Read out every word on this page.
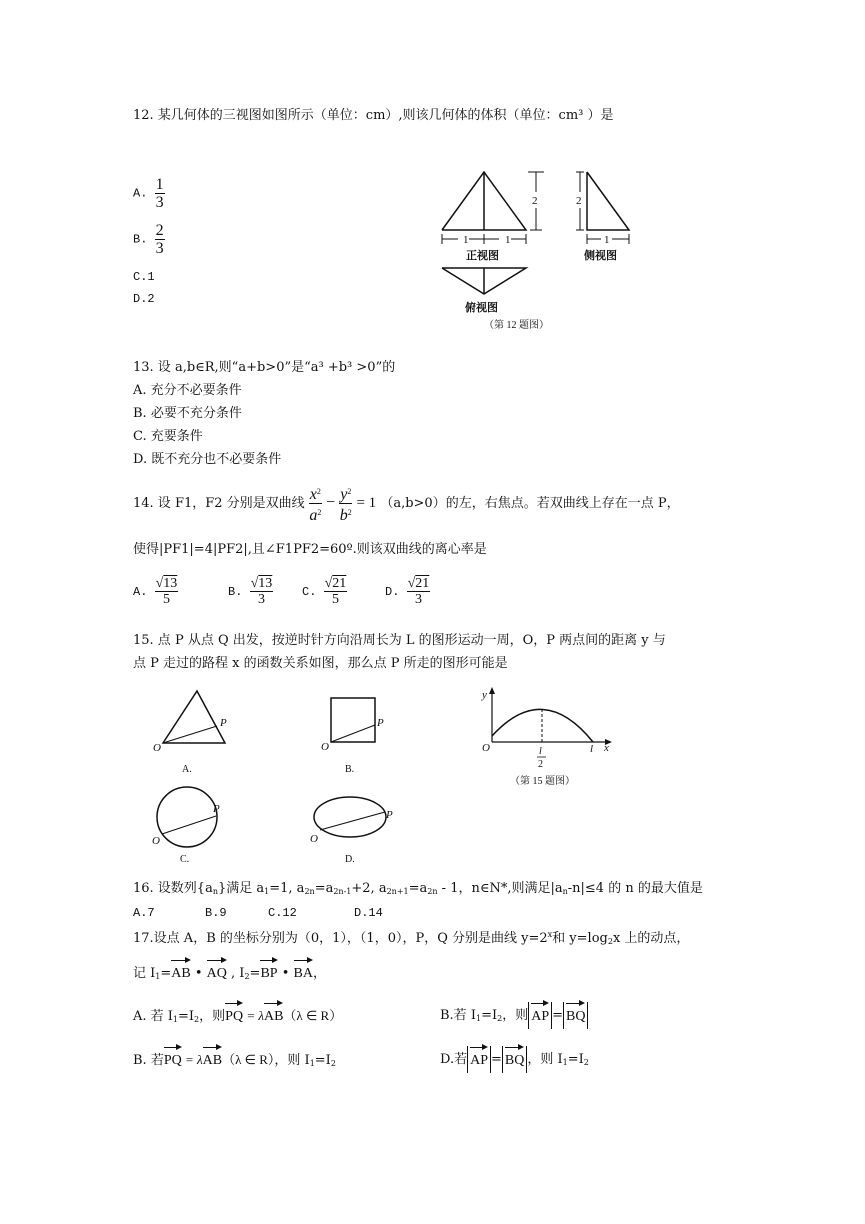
12. 某几何体的三视图如图所示（单位：cm）,则该几何体的体积（单位：cm³ ）是
A. $\frac{1}{3}$
B. $\frac{2}{3}$
C.1
D.2
1	1
2
正视图
2
1
侧视图
俯视图
（第 12 题图）
13. 设 a,b∈R,则“a+b>0”是“a³ +b³ >0”的
A. 充分不必要条件
B. 必要不充分条件
C. 充要条件
D. 既不充分也不必要条件
14. 设 F1，F2 分别是双曲线 $\frac{x^2}{a^2} - \frac{y^2}{b^2} = 1$ （a,b>0）的左，右焦点。若双曲线上存在一点 P，
使得|PF1|=4|PF2|,且∠F1PF2=60º.则该双曲线的离心率是
A. $\frac{√13}{5}$	B. $\frac{√13}{3} C$. $\frac{√21}{5}$	D. $\frac{√21}{3}$
15. 点 P 从点 Q 出发，按逆时针方向沿周长为 L 的图形运动一周，O，P 两点间的距离 y 与
点 P 走过的路程 x 的函数关系如图，那么点 P 所走的图形可能是
O
P
A.
O
P
B.
y
x
O	l
l
2
（第 15 题图）
O
P
C.
O
P
D.
16. 设数列$\{a_n\}$满足 $a_1=1$, $a_{2n}=a_{2n-1}+2$, $a_{2n+1}=a_{2n} - 1$，n∈N*,则满足$|a_n-n|\le 4$ 的 n 的最大值是
A.7	B.9	C.12	D.14
17.设点 A，B 的坐标分别为（0，1），（1，0），P，Q 分别是曲线 $y=2^x$和 $y=\log_2x$ 上的动点，
记 $I_1=AB$ • AQ , $I_2=BP$ • BA，
A. 若 $I_1=I_2$，则PQ = λAB（λ ∈ R）	B.若 $I_1=I_2$，则 AP = BQ
B. 若PQ = λAB（λ ∈ R），则 $I_1=I_2$	D.若 AP = BQ ，则 $I_1=I_2$
